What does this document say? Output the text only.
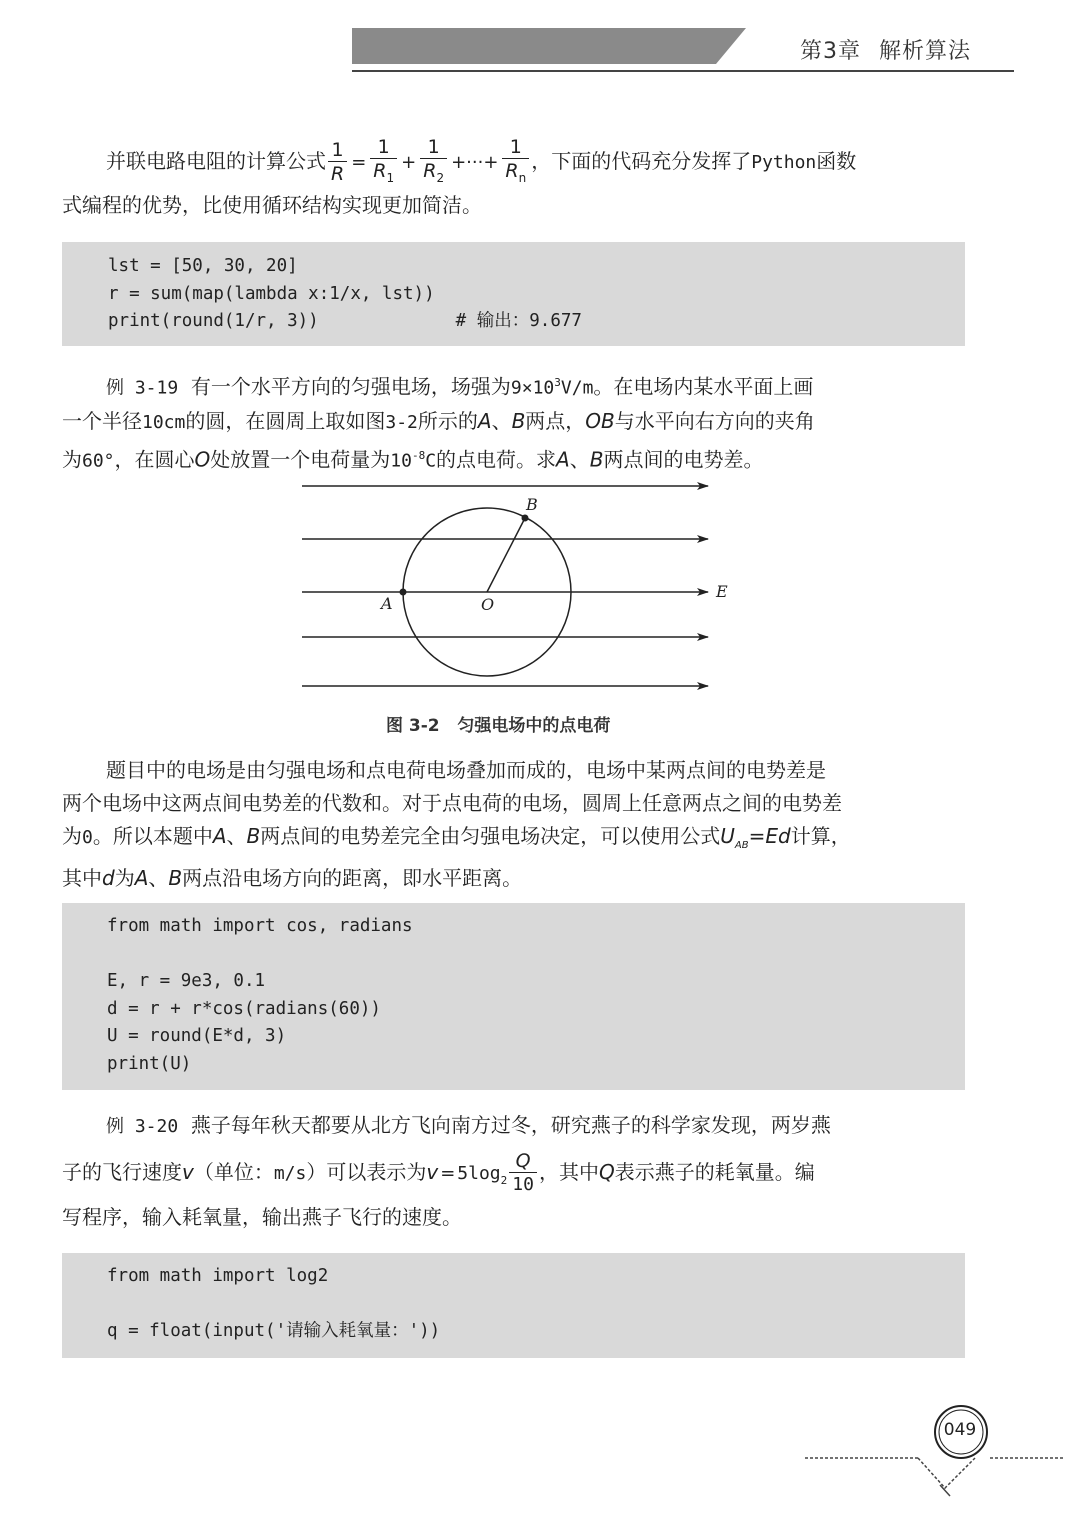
第3章 解析算法
并联电路电阻的计算公式 $\frac{1}{R} = \frac{1}{R_1} + \frac{1}{R_2}$ +···+ $\frac{1}{R_n}$ ，下面的代码充分发挥了Python函数
式编程的优势，比使用循环结构实现更加简洁。
lst = [50, 30, 20]
r = sum(map(lambda x:1/x, lst))
print(round(1/r, 3))             # 输出：9.677
例 3-19 有一个水平方向的匀强电场，场强为$9\times 10^3V/m$。在电场内某水平面上画
一个半径10cm的圆，在圆周上取如图3-2所示的A、B两点，OB与水平向右方向的夹角
为60°，在圆心O处放置一个电荷量为$10^{-8}C$的点电荷。求A、B两点间的电势差。
B
A	O
E
图 3-2 匀强电场中的点电荷
题目中的电场是由匀强电场和点电荷电场叠加而成的，电场中某两点间的电势差是
两个电场中这两点间电势差的代数和。对于点电荷的电场，圆周上任意两点之间的电势差
为0。所以本题中A、B两点间的电势差完全由匀强电场决定，可以使用公式$U_{AB}=Ed$计算，
其中d为A、B两点沿电场方向的距离，即水平距离。
from math import cos, radians
E, r = 9e3, 0.1
d = r + r*cos(radians(60))
U = round(E*d, 3)
print(U)
例 3-20 燕子每年秋天都要从北方飞向南方过冬，研究燕子的科学家发现，两岁燕
子的飞行速度v（单位：m/s）可以表示为$v = 5\log_2 \frac{Q}{10}$ ，其中Q表示燕子的耗氧量。编
写程序，输入耗氧量，输出燕子飞行的速度。
from math import log2
q = float(input('请输入耗氧量：'))
049
